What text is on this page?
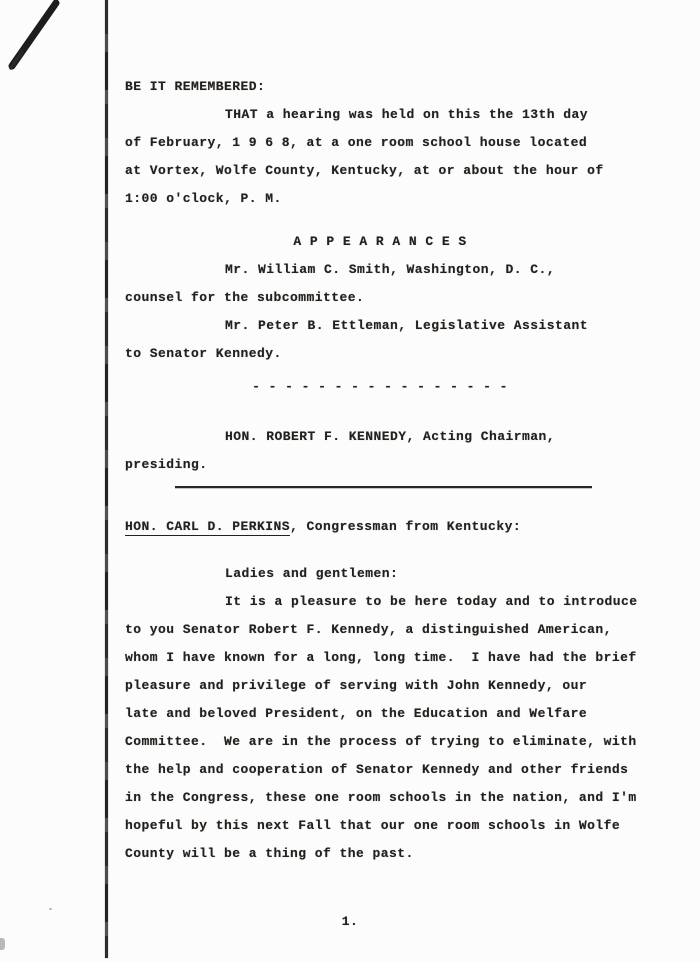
BE IT REMEMBERED:
THAT a hearing was held on this the 13th day
of February, 1 9 6 8, at a one room school house located
at Vortex, Wolfe County, Kentucky, at or about the hour of
1:00 o'clock, P. M.
A P P E A R A N C E S
Mr. William C. Smith, Washington, D. C.,
counsel for the subcommittee.
Mr. Peter B. Ettleman, Legislative Assistant
to Senator Kennedy.
- - - - - - - - - - - - - - - -
HON. ROBERT F. KENNEDY, Acting Chairman,
presiding.
HON. CARL D. PERKINS, Congressman from Kentucky:
Ladies and gentlemen:
It is a pleasure to be here today and to introduce
to you Senator Robert F. Kennedy, a distinguished American,
whom I have known for a long, long time.  I have had the brief
pleasure and privilege of serving with John Kennedy, our
late and beloved President, on the Education and Welfare
Committee.  We are in the process of trying to eliminate, with
the help and cooperation of Senator Kennedy and other friends
in the Congress, these one room schools in the nation, and I'm
hopeful by this next Fall that our one room schools in Wolfe
County will be a thing of the past.
1.
